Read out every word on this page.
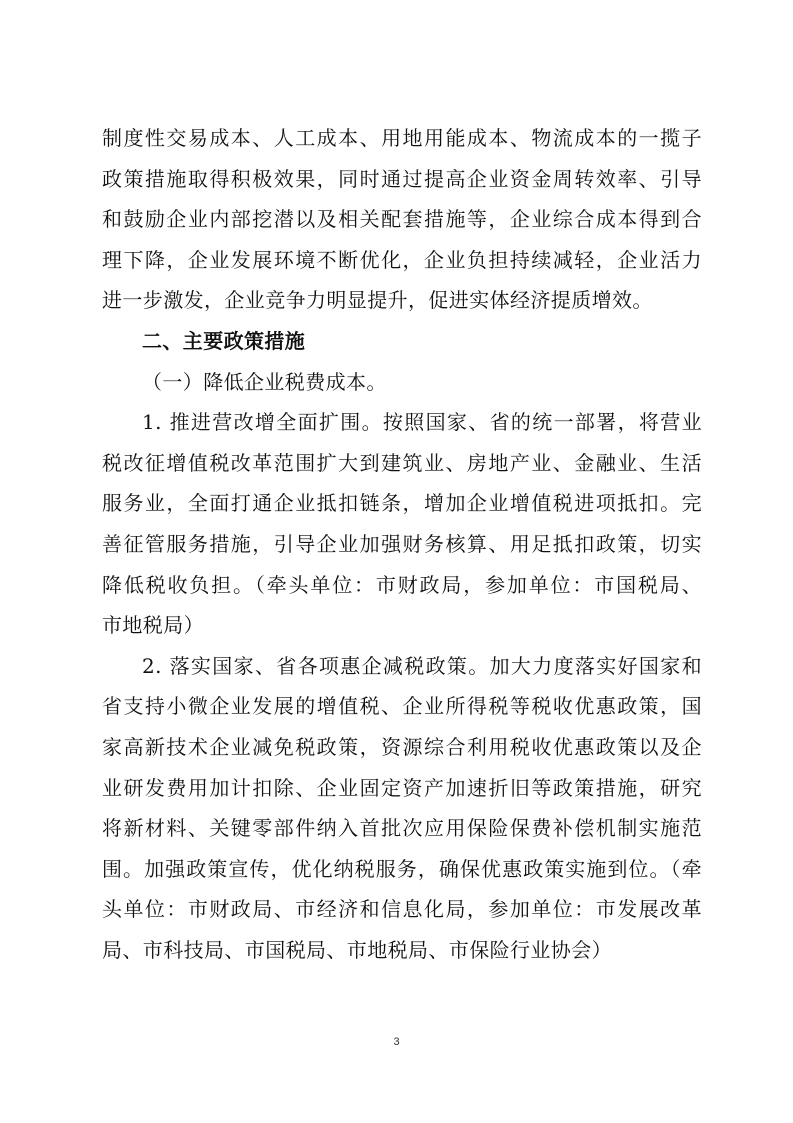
制度性交易成本、人工成本、用地用能成本、物流成本的一揽子
政策措施取得积极效果，同时通过提高企业资金周转效率、引导
和鼓励企业内部挖潜以及相关配套措施等，企业综合成本得到合
理下降，企业发展环境不断优化，企业负担持续减轻，企业活力
进一步激发，企业竞争力明显提升，促进实体经济提质增效。
二、主要政策措施
（一）降低企业税费成本。
1. 推进营改增全面扩围。按照国家、省的统一部署，将营业
税改征增值税改革范围扩大到建筑业、房地产业、金融业、生活
服务业，全面打通企业抵扣链条，增加企业增值税进项抵扣。完
善征管服务措施，引导企业加强财务核算、用足抵扣政策，切实
降低税收负担。（牵头单位：市财政局，参加单位：市国税局、
市地税局）
2. 落实国家、省各项惠企减税政策。加大力度落实好国家和
省支持小微企业发展的增值税、企业所得税等税收优惠政策，国
家高新技术企业减免税政策，资源综合利用税收优惠政策以及企
业研发费用加计扣除、企业固定资产加速折旧等政策措施，研究
将新材料、关键零部件纳入首批次应用保险保费补偿机制实施范
围。加强政策宣传，优化纳税服务，确保优惠政策实施到位。（牵
头单位：市财政局、市经济和信息化局，参加单位：市发展改革
局、市科技局、市国税局、市地税局、市保险行业协会）
3
